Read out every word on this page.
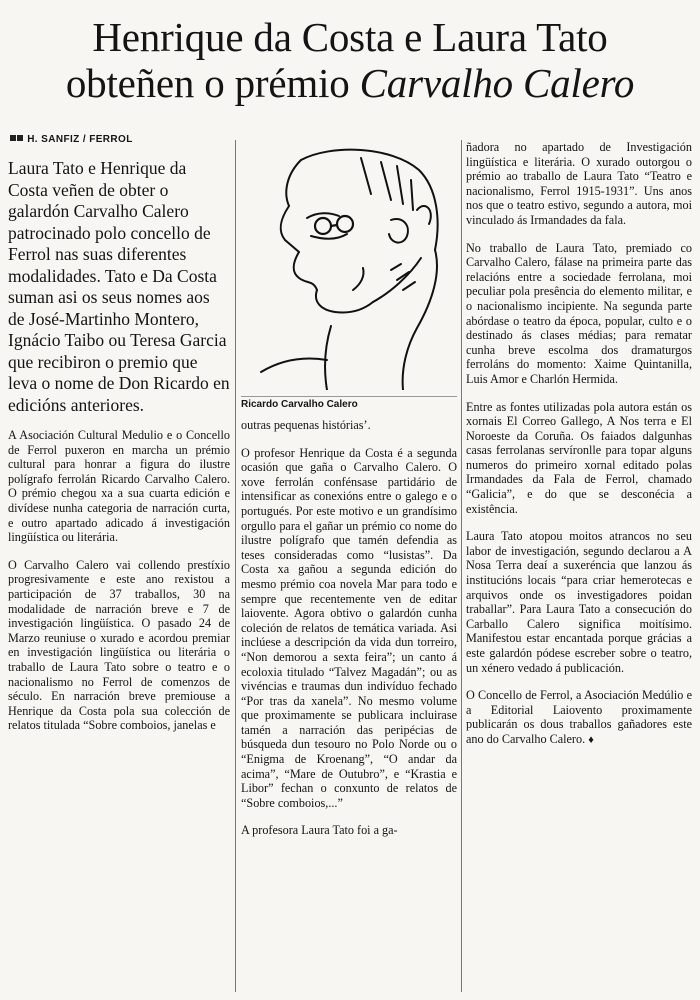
Henrique da Costa e Laura Tato
obteñen o prémio Carvalho Calero
H. SANFIZ / FERROL
Laura Tato e Henrique da Costa veñen de obter o galardón Carvalho Calero patrocinado polo concello de Ferrol nas suas diferentes modalidades. Tato e Da Costa suman asi os seus nomes aos de José-Martinho Montero, Ignácio Taibo ou Teresa Garcia que recibiron o premio que leva o nome de Don Ricardo en edicións anteriores.

A Asociación Cultural Medulio e o Concello de Ferrol puxeron en marcha un prémio cultural para honrar a figura do ilustre polígrafo ferrolán Ricardo Carvalho Calero. O prémio chegou xa a sua cuarta edición e divídese nunha categoria de narración curta, e outro apartado adicado á investigación lingüística ou literária.

O Carvalho Calero vai collendo prestíxio progresivamente e este ano rexistou a participación de 37 traballos, 30 na modalidade de narración breve e 7 de investigación lingüística. O pasado 24 de Marzo reuniuse o xurado e acordou premiar en investigación lingüística ou literária o traballo de Laura Tato sobre o teatro e o nacionalismo no Ferrol de comenzos de século. En narración breve premiouse a Henrique da Costa pola sua colección de relatos titulada “Sobre comboios, janelas e

Ricardo Carvalho Calero

outras pequenas histórias’.

O profesor Henrique da Costa é a segunda ocasión que gaña o Carvalho Calero. O xove ferrolán confénsase partidário de intensificar as conexións entre o galego e o portugués. Por este motivo e un grandísimo orgullo para el gañar un prémio co nome do ilustre polígrafo que tamén defendia as teses consideradas como “lusistas”. Da Costa xa gañou a segunda edición do mesmo prémio coa novela Mar para todo e sempre que recentemente ven de editar laiovente. Agora obtivo o galardón cunha coleción de relatos de temática variada. Asi inclúese a descripción da vida dun torreiro, “Non demorou a sexta feira”; un canto á ecoloxia titulado “Talvez Magadán”; ou as vivéncias e traumas dun indivíduo fechado “Por tras da xanela”. No mesmo volume que proximamente se publicara incluirase tamén a narración das peripécias de búsqueda dun tesouro no Polo Norde ou o “Enigma de Kroenang”, “O andar da acima”, “Mare de Outubro”, e “Krastia e Libor” fechan o conxunto de relatos de “Sobre comboios,...”

A profesora Laura Tato foi a ga-

ñadora no apartado de Investigación lingüística e literária. O xurado outorgou o prémio ao traballo de Laura Tato “Teatro e nacionalismo, Ferrol 1915-1931”. Uns anos nos que o teatro estivo, segundo a autora, moi vinculado ás Irmandades da fala.

No traballo de Laura Tato, premiado co Carvalho Calero, fálase na primeira parte das relacións entre a sociedade ferrolana, moi peculiar pola presência do elemento militar, e o nacionalismo incipiente. Na segunda parte abórdase o teatro da época, popular, culto e o destinado ás clases médias; para rematar cunha breve escolma dos dramaturgos ferroláns do momento: Xaime Quintanilla, Luis Amor e Charlón Hermida.

Entre as fontes utilizadas pola autora están os xornais El Correo Gallego, A Nos terra e El Noroeste da Coruña. Os faiados dalgunhas casas ferrolanas servíronlle para topar alguns numeros do primeiro xornal editado polas Irmandades da Fala de Ferrol, chamado “Galicia”, e do que se desconécia a existência.

Laura Tato atopou moitos atrancos no seu labor de investigación, segundo declarou a A Nosa Terra deaí a suxeréncia que lanzou ás institucións locais “para criar hemerotecas e arquivos onde os investigadores poidan traballar”. Para Laura Tato a consecución do Carballo Calero significa moitísimo. Manifestou estar encantada porque grácias a este galardón pódese escreber sobre o teatro, un xénero vedado á publicación.

O Concello de Ferrol, a Asociación Medúlio e a Editorial Laiovento proximamente publicarán os dous traballos gañadores este ano do Carvalho Calero. ♦
